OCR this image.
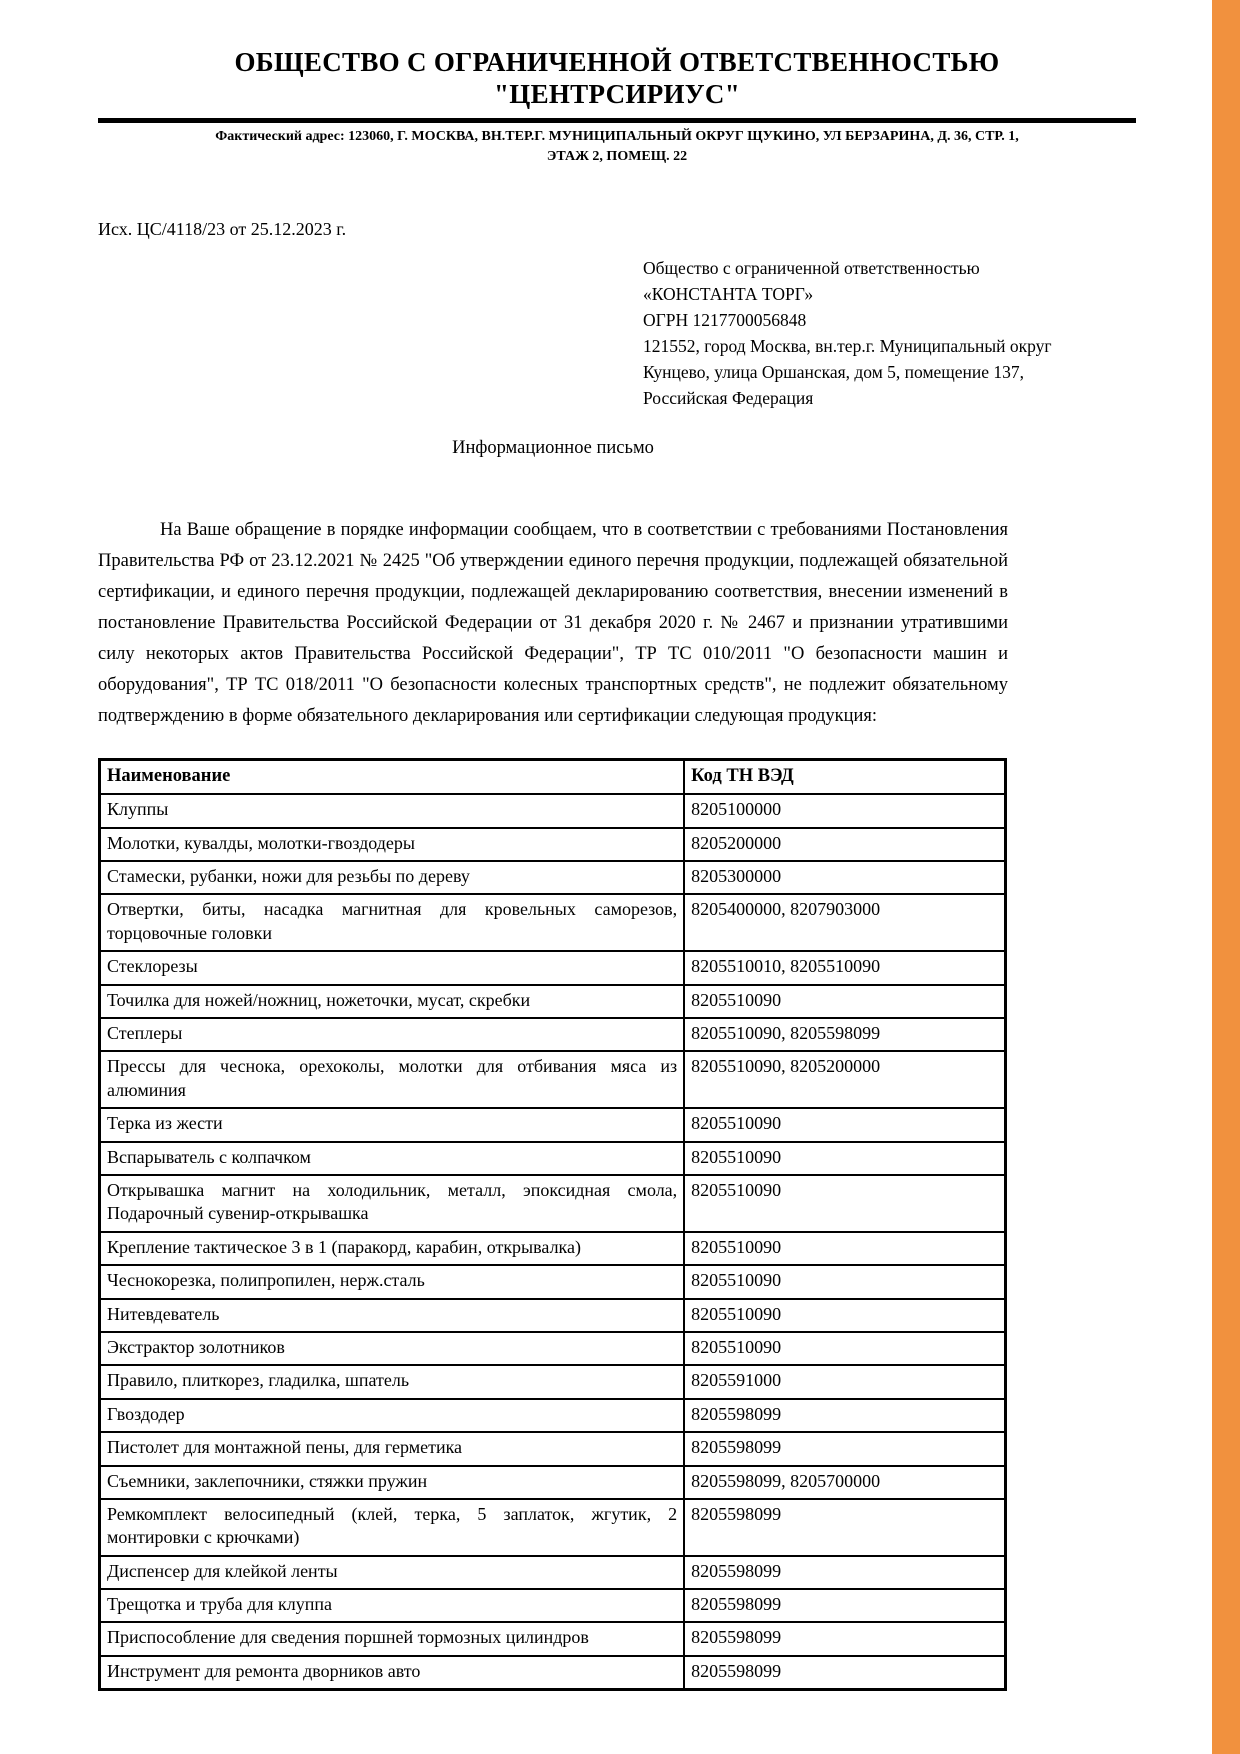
ОБЩЕСТВО С ОГРАНИЧЕННОЙ ОТВЕТСТВЕННОСТЬЮ
"ЦЕНТРСИРИУС"
Фактический адрес: 123060, Г. МОСКВА, ВН.ТЕР.Г. МУНИЦИПАЛЬНЫЙ ОКРУГ ЩУКИНО, УЛ БЕРЗАРИНА, Д. 36, СТР. 1,
ЭТАЖ 2, ПОМЕЩ. 22
Исх. ЦС/4118/23 от 25.12.2023 г.
Общество с ограниченной ответственностью
«КОНСТАНТА ТОРГ»
ОГРН 1217700056848
121552, город Москва, вн.тер.г. Муниципальный округ
Кунцево, улица Оршанская, дом 5, помещение 137,
Российская Федерация
Информационное письмо

На Ваше обращение в порядке информации сообщаем, что в соответствии с требованиями Постановления Правительства РФ от 23.12.2021 № 2425 "Об утверждении единого перечня продукции, подлежащей обязательной сертификации, и единого перечня продукции, подлежащей декларированию соответствия, внесении изменений в постановление Правительства Российской Федерации от 31 декабря 2020 г. № 2467 и признании утратившими силу некоторых актов Правительства Российской Федерации", ТР ТС 010/2011 "О безопасности машин и оборудования", ТР ТС 018/2011 "О безопасности колесных транспортных средств", не подлежит обязательному подтверждению в форме обязательного декларирования или сертификации следующая продукция:

Наименование	Код ТН ВЭД
Клуппы	8205100000
Молотки, кувалды, молотки-гвоздодеры	8205200000
Стамески, рубанки, ножи для резьбы по дереву	8205300000
Отвертки, биты, насадка магнитная для кровельных саморезов, торцовочные головки	8205400000, 8207903000
Стеклорезы	8205510010, 8205510090
Точилка для ножей/ножниц, ножеточки, мусат, скребки	8205510090
Степлеры	8205510090, 8205598099
Прессы для чеснока, орехоколы, молотки для отбивания мяса из алюминия	8205510090, 8205200000
Терка из жести	8205510090
Вспарыватель с колпачком	8205510090
Открывашка магнит на холодильник, металл, эпоксидная смола, Подарочный сувенир-открывашка	8205510090
Крепление тактическое 3 в 1 (паракорд, карабин, открывалка)	8205510090
Чеснокорезка, полипропилен, нерж.сталь	8205510090
Нитевдеватель	8205510090
Экстрактор золотников	8205510090
Правило, плиткорез, гладилка, шпатель	8205591000
Гвоздодер	8205598099
Пистолет для монтажной пены, для герметика	8205598099
Съемники, заклепочники, стяжки пружин	8205598099, 8205700000
Ремкомплект велосипедный (клей, терка, 5 заплаток, жгутик, 2 монтировки с крючками)	8205598099
Диспенсер для клейкой ленты	8205598099
Трещотка и труба для клуппа	8205598099
Приспособление для сведения поршней тормозных цилиндров	8205598099
Инструмент для ремонта дворников авто	8205598099
